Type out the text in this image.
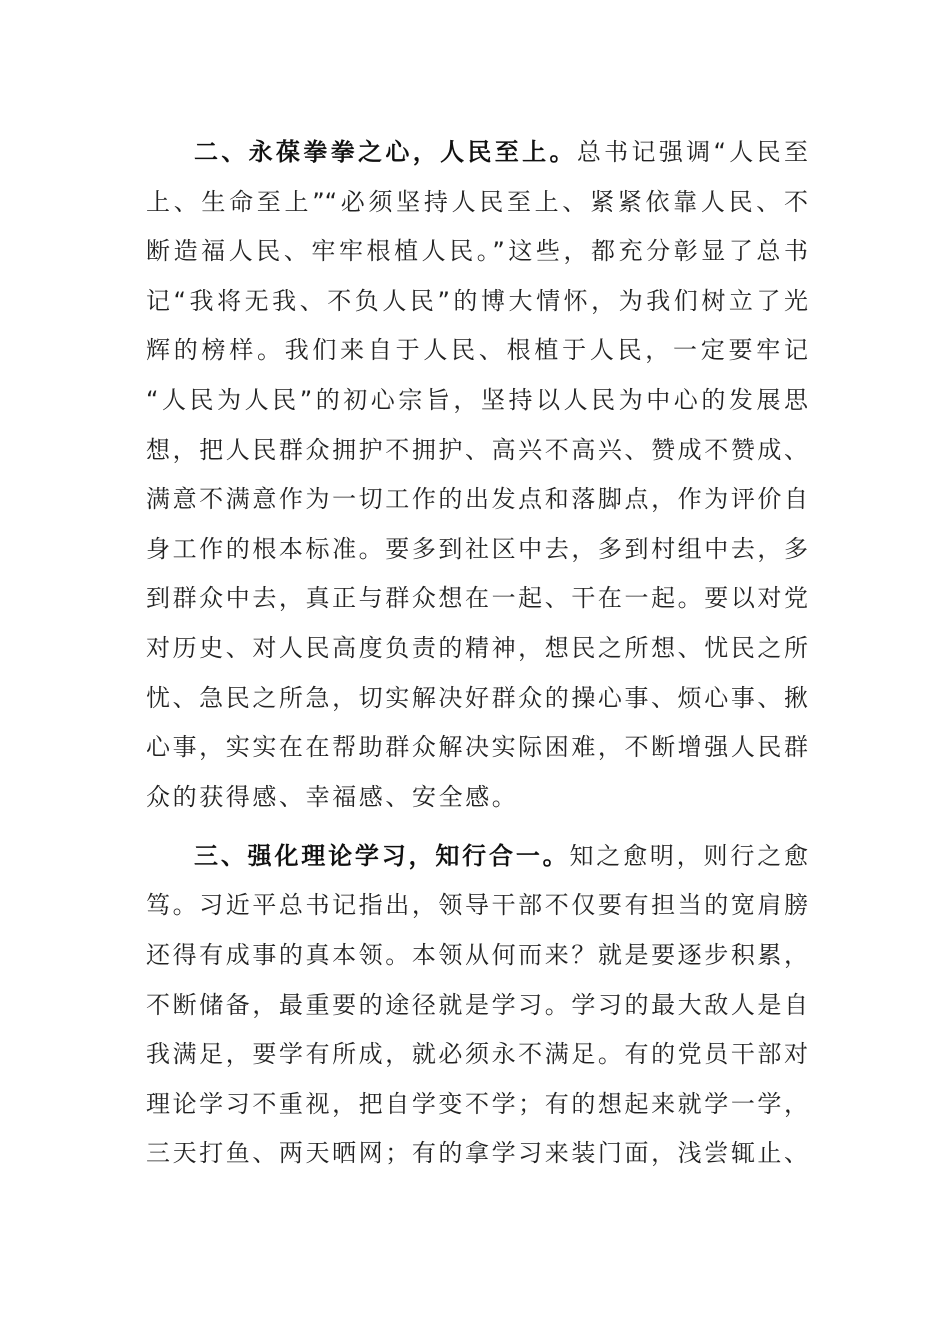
二、永葆拳拳之心，人民至上。总书记强调“人民至
上、生命至上”“必须坚持人民至上、紧紧依靠人民、不
断造福人民、牢牢根植人民。”这些，都充分彰显了总书
记“我将无我、不负人民”的博大情怀，为我们树立了光
辉的榜样。我们来自于人民、根植于人民，一定要牢记
“人民为人民”的初心宗旨，坚持以人民为中心的发展思
想，把人民群众拥护不拥护、高兴不高兴、赞成不赞成、
满意不满意作为一切工作的出发点和落脚点，作为评价自
身工作的根本标准。要多到社区中去，多到村组中去，多
到群众中去，真正与群众想在一起、干在一起。要以对党
对历史、对人民高度负责的精神，想民之所想、忧民之所
忧、急民之所急，切实解决好群众的操心事、烦心事、揪
心事，实实在在帮助群众解决实际困难，不断增强人民群
众的获得感、幸福感、安全感。
三、强化理论学习，知行合一。知之愈明，则行之愈
笃。习近平总书记指出，领导干部不仅要有担当的宽肩膀
还得有成事的真本领。本领从何而来？就是要逐步积累，
不断储备，最重要的途径就是学习。学习的最大敌人是自
我满足，要学有所成，就必须永不满足。有的党员干部对
理论学习不重视，把自学变不学；有的想起来就学一学，
三天打鱼、两天晒网；有的拿学习来装门面，浅尝辄止、
